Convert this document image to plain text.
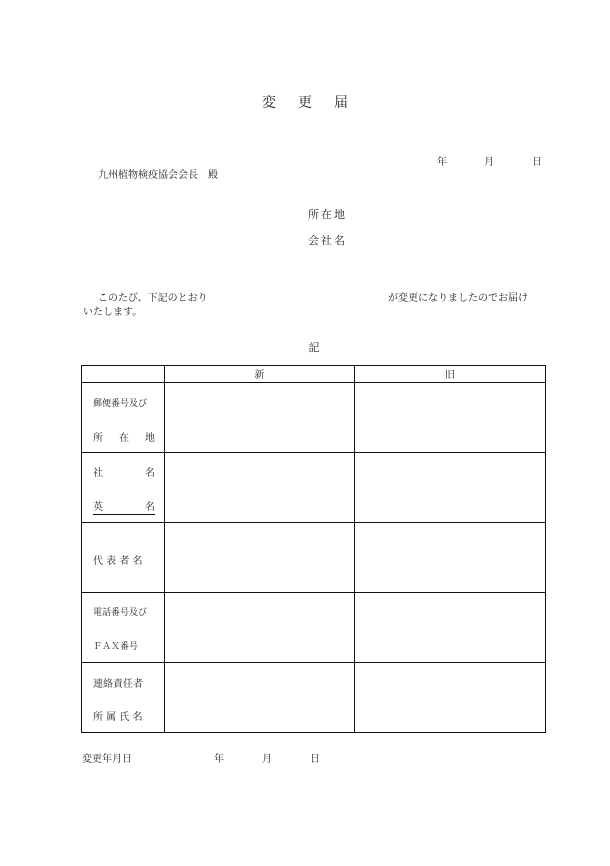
変更届
年	月	日
九州植物検疫協会会長　殿
所在地
会社名
このたび、下記のとおり	が変更になりましたのでお届け
いたします。
記
	新	旧

郵便番号及び
所 在 地		

社 名
英 名		

代 表 者 名		

電話番号及び
ＦＡＸ番号		

連絡責任者
所 属 氏 名		

変更年月日	年	月	日
